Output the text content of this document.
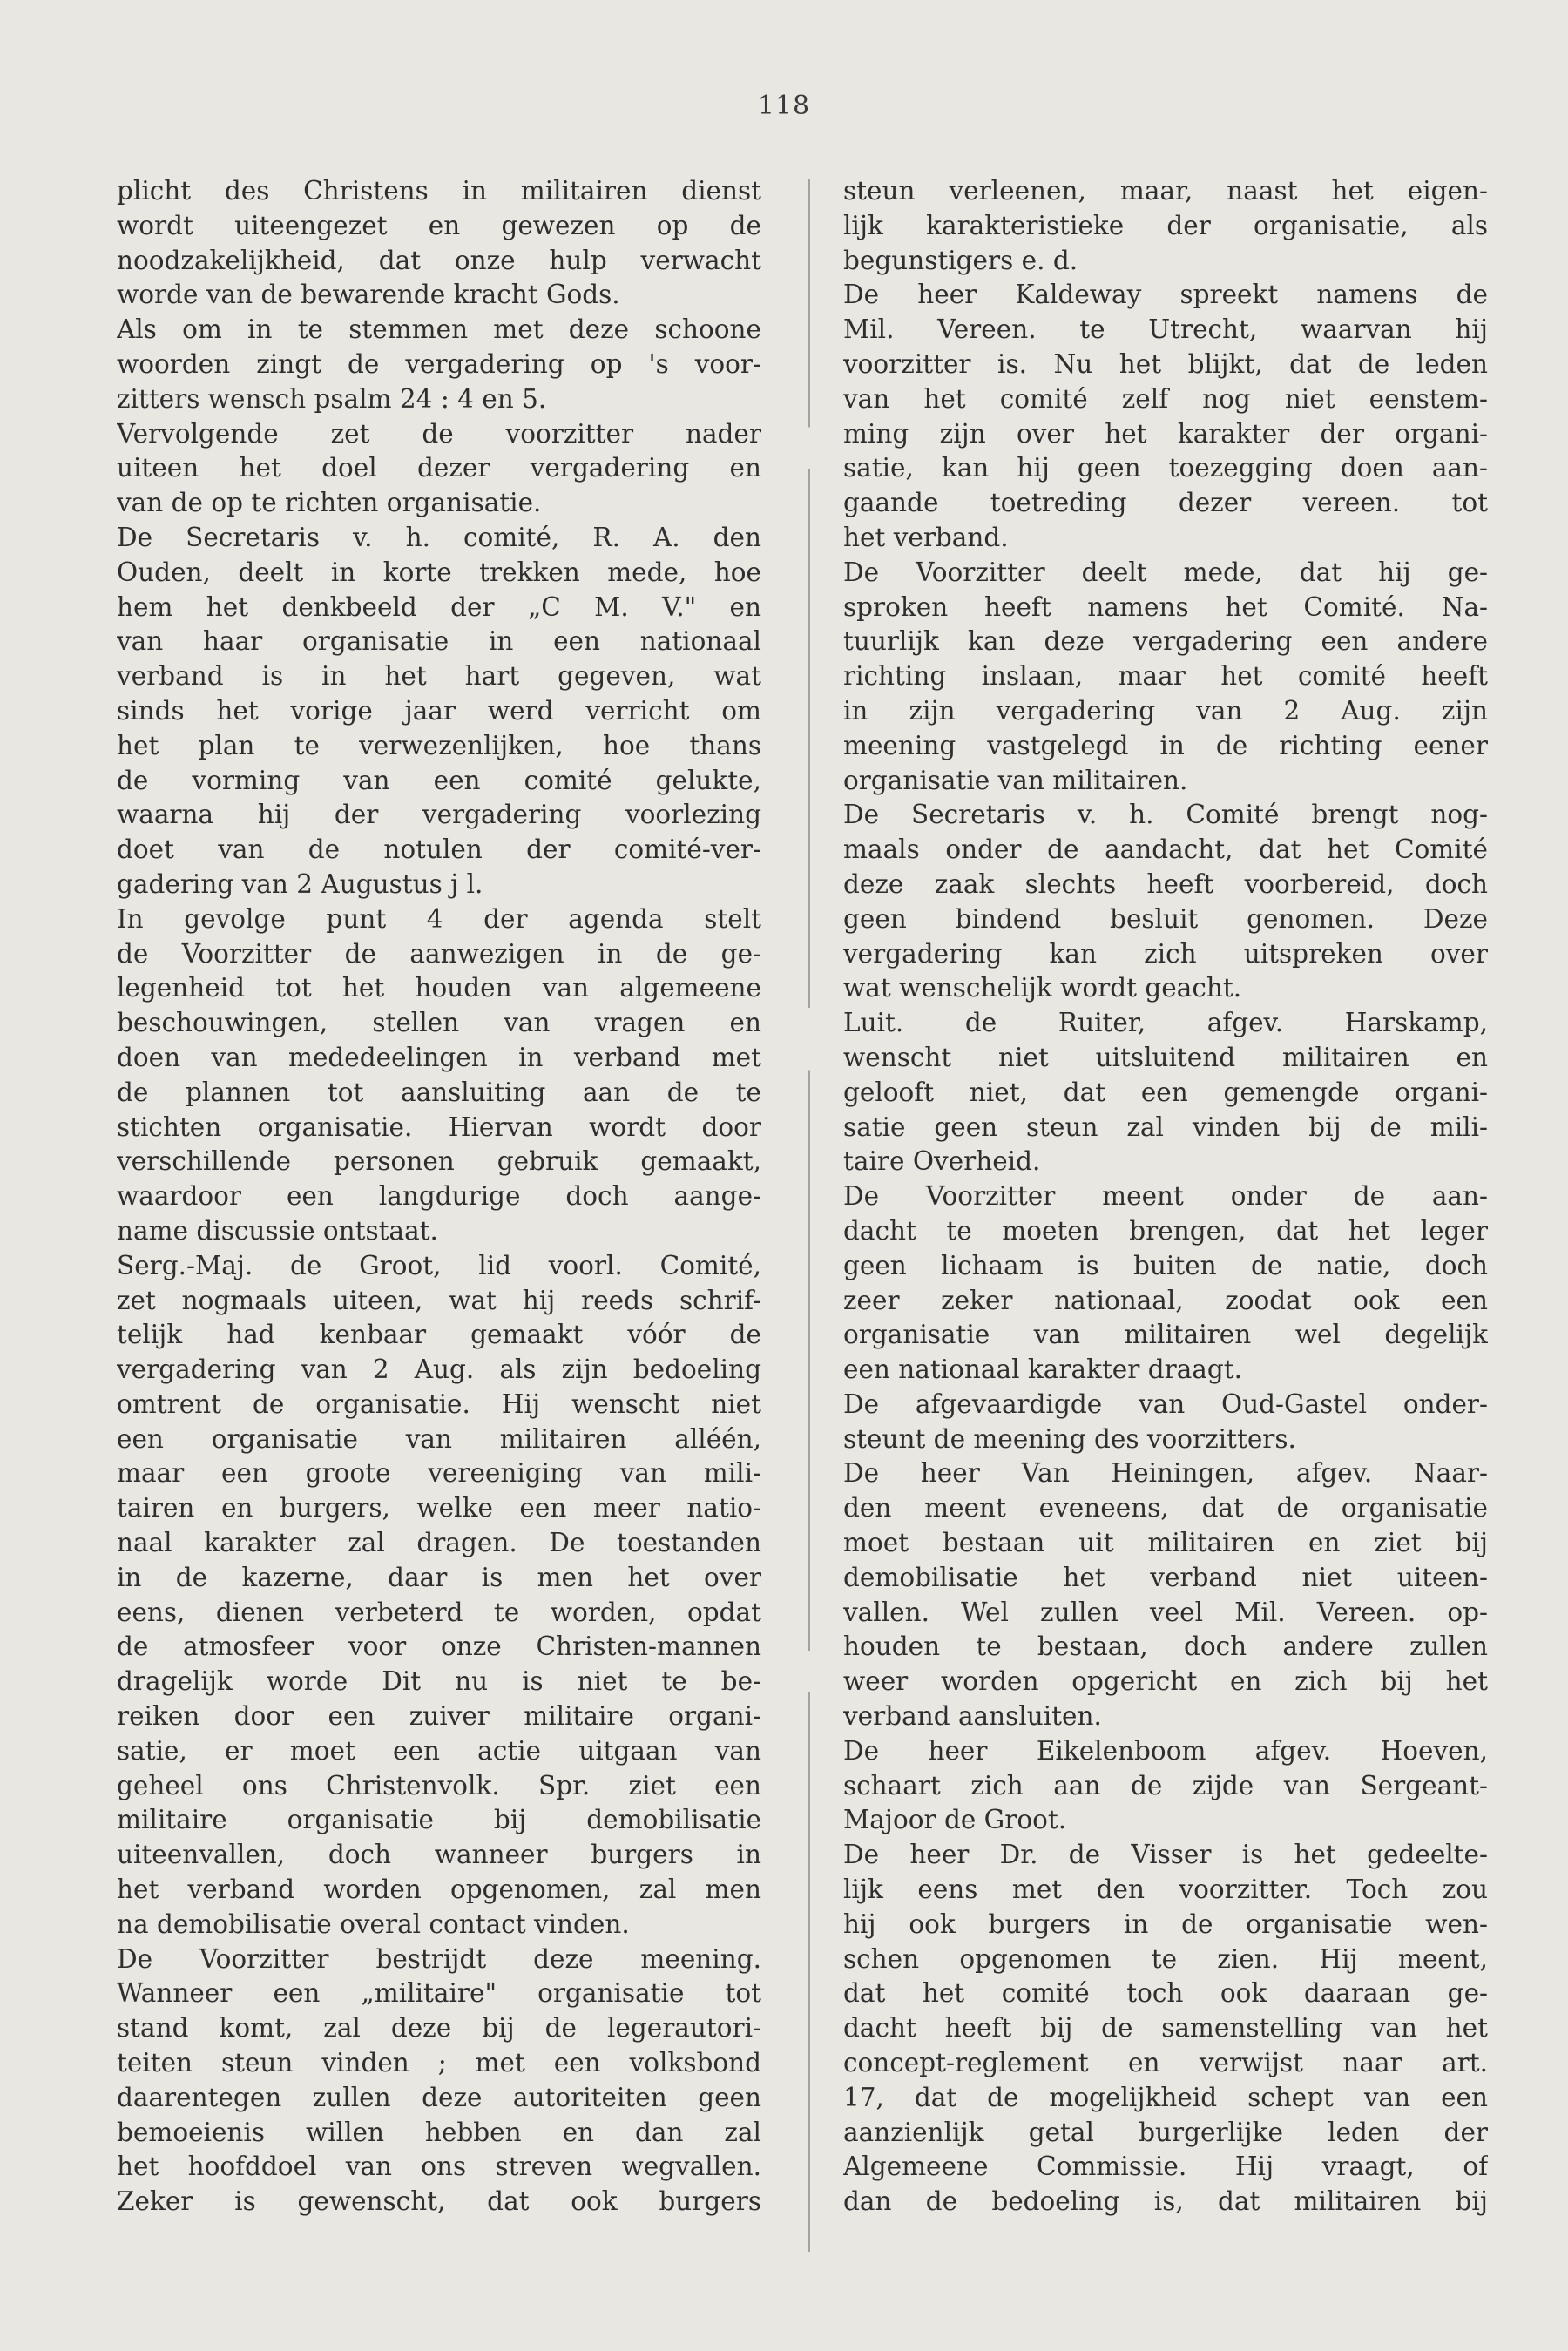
118
plicht des Christens in militairen dienst
wordt uiteengezet en gewezen op de
noodzakelijkheid, dat onze hulp verwacht
worde van de bewarende kracht Gods.
Als om in te stemmen met deze schoone
woorden zingt de vergadering op 's voor-
zitters wensch psalm 24 : 4 en 5.
Vervolgende zet de voorzitter nader
uiteen het doel dezer vergadering en
van de op te richten organisatie.
De Secretaris v. h. comité, R. A. den
Ouden, deelt in korte trekken mede, hoe
hem het denkbeeld der „C M. V." en
van haar organisatie in een nationaal
verband is in het hart gegeven, wat
sinds het vorige jaar werd verricht om
het plan te verwezenlijken, hoe thans
de vorming van een comité gelukte,
waarna hij der vergadering voorlezing
doet van de notulen der comité-ver-
gadering van 2 Augustus j l.
In gevolge punt 4 der agenda stelt
de Voorzitter de aanwezigen in de ge-
legenheid tot het houden van algemeene
beschouwingen, stellen van vragen en
doen van mededeelingen in verband met
de plannen tot aansluiting aan de te
stichten organisatie. Hiervan wordt door
verschillende personen gebruik gemaakt,
waardoor een langdurige doch aange-
name discussie ontstaat.
Serg.-Maj. de Groot, lid voorl. Comité,
zet nogmaals uiteen, wat hij reeds schrif-
telijk had kenbaar gemaakt vóór de
vergadering van 2 Aug. als zijn bedoeling
omtrent de organisatie. Hij wenscht niet
een organisatie van militairen alléén,
maar een groote vereeniging van mili-
tairen en burgers, welke een meer natio-
naal karakter zal dragen. De toestanden
in de kazerne, daar is men het over
eens, dienen verbeterd te worden, opdat
de atmosfeer voor onze Christen-mannen
dragelijk worde Dit nu is niet te be-
reiken door een zuiver militaire organi-
satie, er moet een actie uitgaan van
geheel ons Christenvolk. Spr. ziet een
militaire organisatie bij demobilisatie
uiteenvallen, doch wanneer burgers in
het verband worden opgenomen, zal men
na demobilisatie overal contact vinden.
De Voorzitter bestrijdt deze meening.
Wanneer een „militaire" organisatie tot
stand komt, zal deze bij de legerautori-
teiten steun vinden ; met een volksbond
daarentegen zullen deze autoriteiten geen
bemoeienis willen hebben en dan zal
het hoofddoel van ons streven wegvallen.
Zeker is gewenscht, dat ook burgers
steun verleenen, maar, naast het eigen-
lijk karakteristieke der organisatie, als
begunstigers e. d.
De heer Kaldeway spreekt namens de
Mil. Vereen. te Utrecht, waarvan hij
voorzitter is. Nu het blijkt, dat de leden
van het comité zelf nog niet eenstem-
ming zijn over het karakter der organi-
satie, kan hij geen toezegging doen aan-
gaande toetreding dezer vereen. tot
het verband.
De Voorzitter deelt mede, dat hij ge-
sproken heeft namens het Comité. Na-
tuurlijk kan deze vergadering een andere
richting inslaan, maar het comité heeft
in zijn vergadering van 2 Aug. zijn
meening vastgelegd in de richting eener
organisatie van militairen.
De Secretaris v. h. Comité brengt nog-
maals onder de aandacht, dat het Comité
deze zaak slechts heeft voorbereid, doch
geen bindend besluit genomen. Deze
vergadering kan zich uitspreken over
wat wenschelijk wordt geacht.
Luit. de Ruiter, afgev. Harskamp,
wenscht niet uitsluitend militairen en
gelooft niet, dat een gemengde organi-
satie geen steun zal vinden bij de mili-
taire Overheid.
De Voorzitter meent onder de aan-
dacht te moeten brengen, dat het leger
geen lichaam is buiten de natie, doch
zeer zeker nationaal, zoodat ook een
organisatie van militairen wel degelijk
een nationaal karakter draagt.
De afgevaardigde van Oud-Gastel onder-
steunt de meening des voorzitters.
De heer Van Heiningen, afgev. Naar-
den meent eveneens, dat de organisatie
moet bestaan uit militairen en ziet bij
demobilisatie het verband niet uiteen-
vallen. Wel zullen veel Mil. Vereen. op-
houden te bestaan, doch andere zullen
weer worden opgericht en zich bij het
verband aansluiten.
De heer Eikelenboom afgev. Hoeven,
schaart zich aan de zijde van Sergeant-
Majoor de Groot.
De heer Dr. de Visser is het gedeelte-
lijk eens met den voorzitter. Toch zou
hij ook burgers in de organisatie wen-
schen opgenomen te zien. Hij meent,
dat het comité toch ook daaraan ge-
dacht heeft bij de samenstelling van het
concept-reglement en verwijst naar art.
17, dat de mogelijkheid schept van een
aanzienlijk getal burgerlijke leden der
Algemeene Commissie. Hij vraagt, of
dan de bedoeling is, dat militairen bij
